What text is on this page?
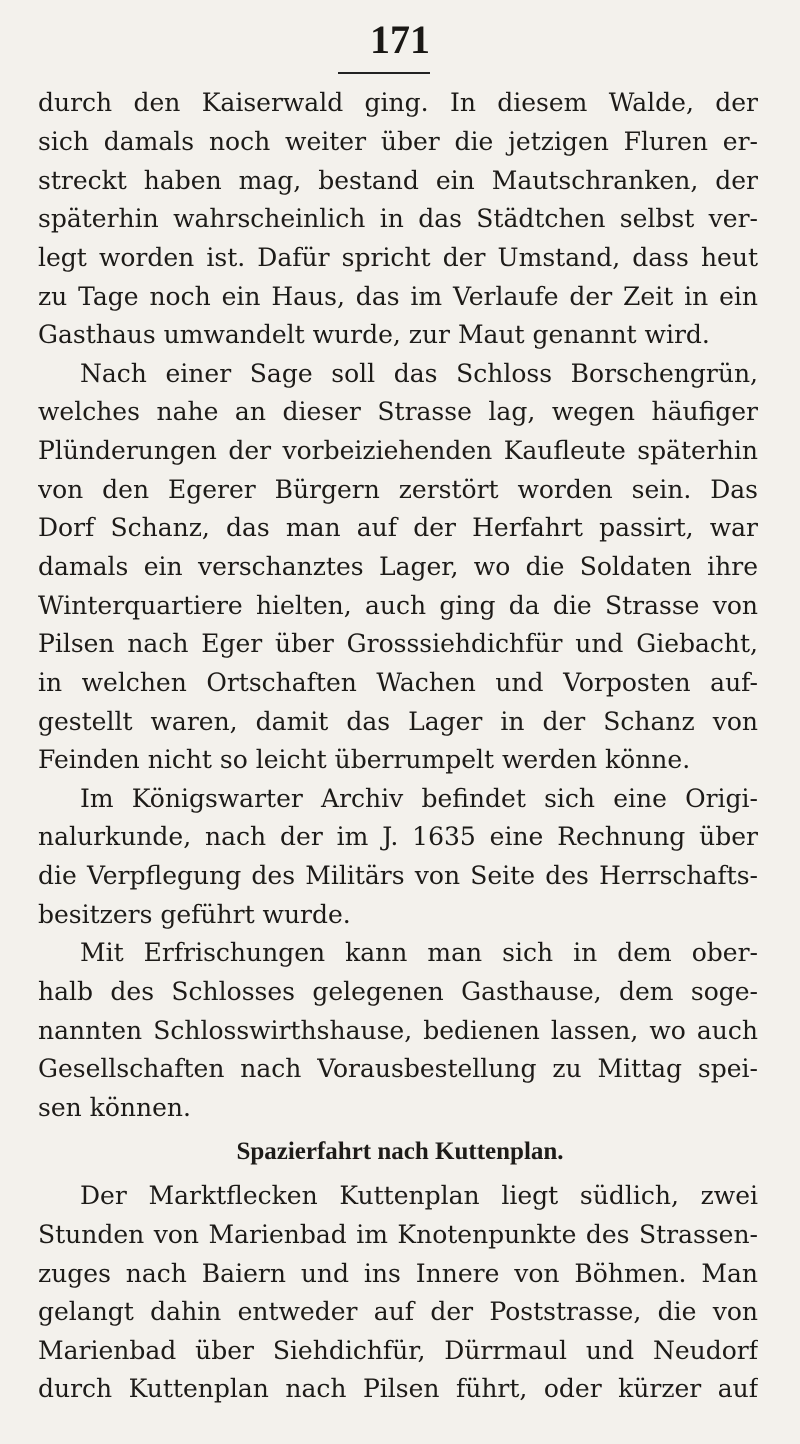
171
durch den Kaiserwald ging. In diesem Walde, der
sich damals noch weiter über die jetzigen Fluren er-
streckt haben mag, bestand ein Mautschranken, der
späterhin wahrscheinlich in das Städtchen selbst ver-
legt worden ist. Dafür spricht der Umstand, dass heut
zu Tage noch ein Haus, das im Verlaufe der Zeit in ein
Gasthaus umwandelt wurde, zur Maut genannt wird.
Nach einer Sage soll das Schloss Borschengrün,
welches nahe an dieser Strasse lag, wegen häufiger
Plünderungen der vorbeiziehenden Kaufleute späterhin
von den Egerer Bürgern zerstört worden sein. Das
Dorf Schanz, das man auf der Herfahrt passirt, war
damals ein verschanztes Lager, wo die Soldaten ihre
Winterquartiere hielten, auch ging da die Strasse von
Pilsen nach Eger über Grosssiehdichfür und Giebacht,
in welchen Ortschaften Wachen und Vorposten auf-
gestellt waren, damit das Lager in der Schanz von
Feinden nicht so leicht überrumpelt werden könne.
Im Königswarter Archiv befindet sich eine Origi-
nalurkunde, nach der im J. 1635 eine Rechnung über
die Verpflegung des Militärs von Seite des Herrschafts-
besitzers geführt wurde.
Mit Erfrischungen kann man sich in dem ober-
halb des Schlosses gelegenen Gasthause, dem soge-
nannten Schlosswirthshause, bedienen lassen, wo auch
Gesellschaften nach Vorausbestellung zu Mittag spei-
sen können.
Spazierfahrt nach Kuttenplan.
Der Marktflecken Kuttenplan liegt südlich, zwei
Stunden von Marienbad im Knotenpunkte des Strassen-
zuges nach Baiern und ins Innere von Böhmen. Man
gelangt dahin entweder auf der Poststrasse, die von
Marienbad über Siehdichfür, Dürrmaul und Neudorf
durch Kuttenplan nach Pilsen führt, oder kürzer auf
